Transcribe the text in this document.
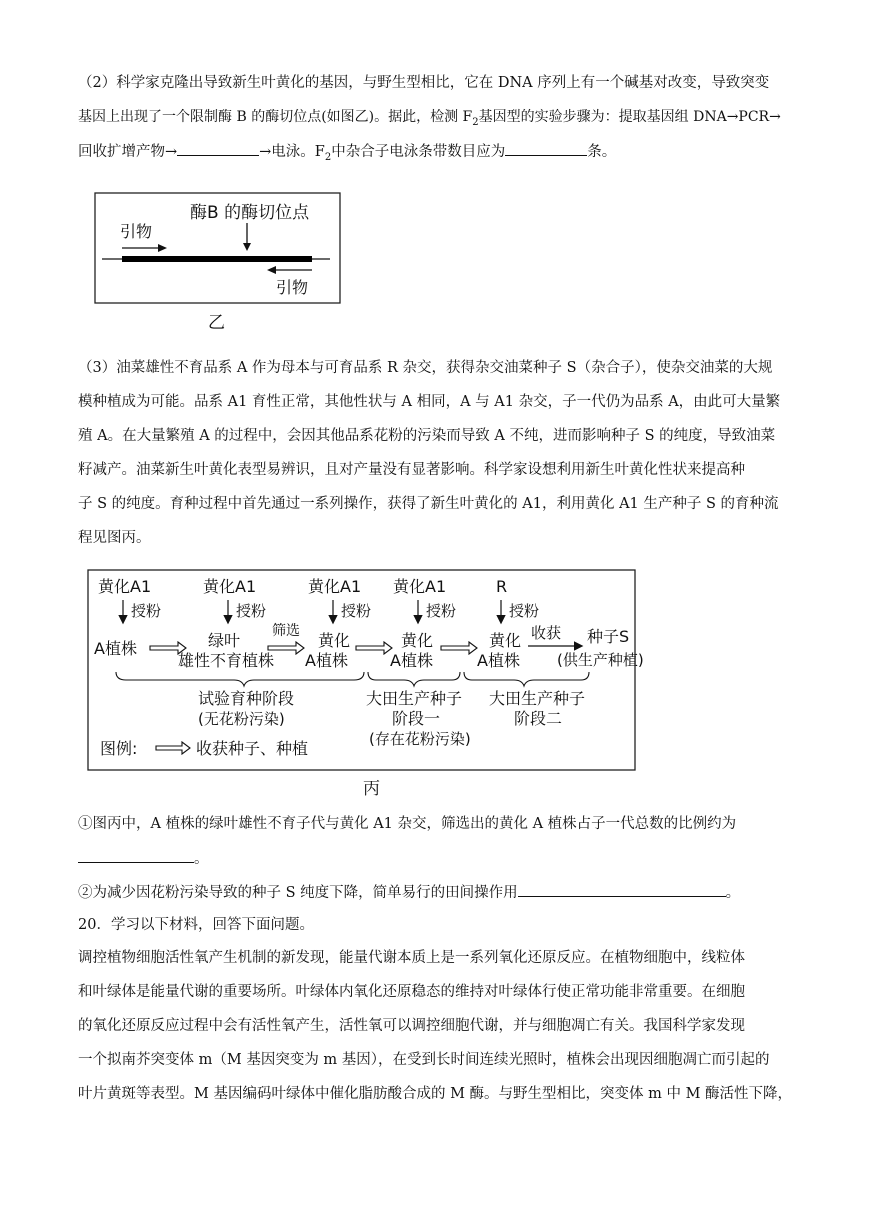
（2）科学家克隆出导致新生叶黄化的基因，与野生型相比，它在 DNA 序列上有一个碱基对改变，导致突变

基因上出现了一个限制酶 B 的酶切位点(如图乙)。据此，检测 $F_2$基因型的实验步骤为：提取基因组 DNA→PCR→

回收扩增产物→	→电泳。$F_2$中杂合子电泳条带数目应为	条。

酶B 的酶切位点
引物
引物
乙

（3）油菜雄性不育品系 A 作为母本与可育品系 R 杂交，获得杂交油菜种子 S（杂合子），使杂交油菜的大规

模种植成为可能。品系 A1 育性正常，其他性状与 A 相同，A 与 A1 杂交，子一代仍为品系 A，由此可大量繁

殖 A。在大量繁殖 A 的过程中，会因其他品系花粉的污染而导致 A 不纯，进而影响种子 S 的纯度，导致油菜

籽减产。油菜新生叶黄化表型易辨识，且对产量没有显著影响。科学家设想利用新生叶黄化性状来提高种

子 S 的纯度。育种过程中首先通过一系列操作，获得了新生叶黄化的 A1，利用黄化 A1 生产种子 S 的育种流

程见图丙。

黄化A1	黄化A1	黄化A1 黄化A1	R
授粉	授粉	授粉	授粉	授粉
A植株	绿叶
雄性不育植株
筛选 黄化
A植株
黄化
A植株
黄化
A植株
收获 种子S
(供生产种植)
试验育种阶段
(无花粉污染)
大田生产种子
阶段一
(存在花粉污染)
大田生产种子
阶段二
图例:	收获种子、种植
丙

①图丙中，A 植株的绿叶雄性不育子代与黄化 A1 杂交，筛选出的黄化 A 植株占子一代总数的比例约为

。

②为减少因花粉污染导致的种子 S 纯度下降，简单易行的田间操作用	。

20．学习以下材料，回答下面问题。

调控植物细胞活性氧产生机制的新发现，能量代谢本质上是一系列氧化还原反应。在植物细胞中，线粒体

和叶绿体是能量代谢的重要场所。叶绿体内氧化还原稳态的维持对叶绿体行使正常功能非常重要。在细胞

的氧化还原反应过程中会有活性氧产生，活性氧可以调控细胞代谢，并与细胞凋亡有关。我国科学家发现

一个拟南芥突变体 m（M 基因突变为 m 基因），在受到长时间连续光照时，植株会出现因细胞凋亡而引起的

叶片黄斑等表型。M 基因编码叶绿体中催化脂肪酸合成的 M 酶。与野生型相比，突变体 m 中 M 酶活性下降，
